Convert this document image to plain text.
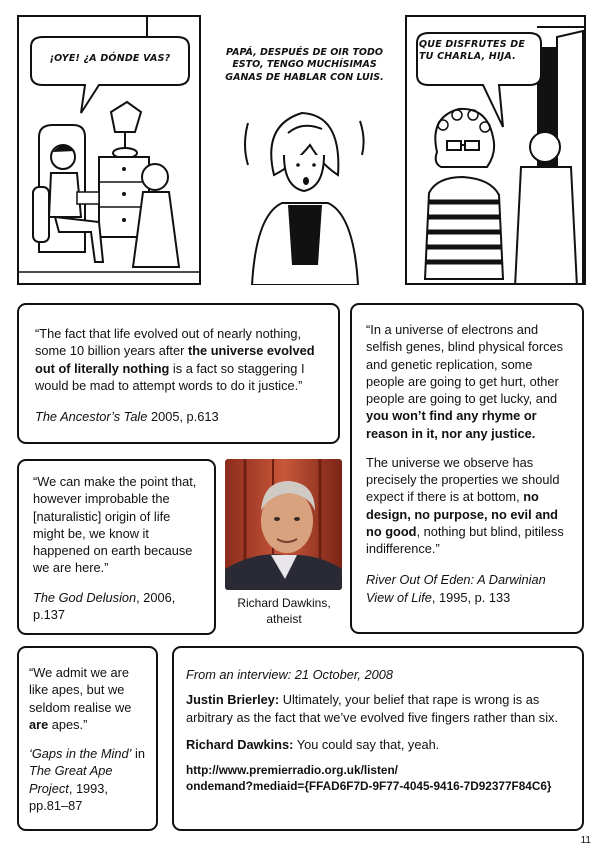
¡OYE! ¿A DÓNDE VAS?
PAPÁ, DESPUÉS DE OIR TODO ESTO, TENGO MUCHÍSIMAS GANAS DE HABLAR CON LUIS.
QUE DISFRUTES DE TU CHARLA, HIJA.

“The fact that life evolved out of nearly nothing, some 10 billion years after the universe evolved out of literally nothing is a fact so staggering I would be mad to attempt words to do it justice.”

The Ancestor’s Tale 2005, p.613

“In a universe of electrons and selfish genes, blind physical forces and genetic replication, some people are going to get hurt, other people are going to get lucky, and you won’t find any rhyme or reason in it, nor any justice.

The universe we observe has precisely the properties we should expect if there is at bottom, no design, no purpose, no evil and no good, nothing but blind, pitiless indifference.”

River Out Of Eden: A Darwinian View of Life, 1995, p. 133

“We can make the point that, however improbable the [naturalistic] origin of life might be, we know it happened on earth because we are here.”

The God Delusion, 2006, p.137

Richard Dawkins,
atheist

“We admit we are like apes, but we seldom realise we are apes.”

‘Gaps in the Mind’ in The Great Ape Project, 1993, pp.81–87

From an interview: 21 October, 2008

Justin Brierley: Ultimately, your belief that rape is wrong is as arbitrary as the fact that we’ve evolved five fingers rather than six.

Richard Dawkins: You could say that, yeah.

http://www.premierradio.org.uk/listen/
ondemand?mediaid={FFAD6F7D-9F77-4045-9416-7D92377F84C6}

11
